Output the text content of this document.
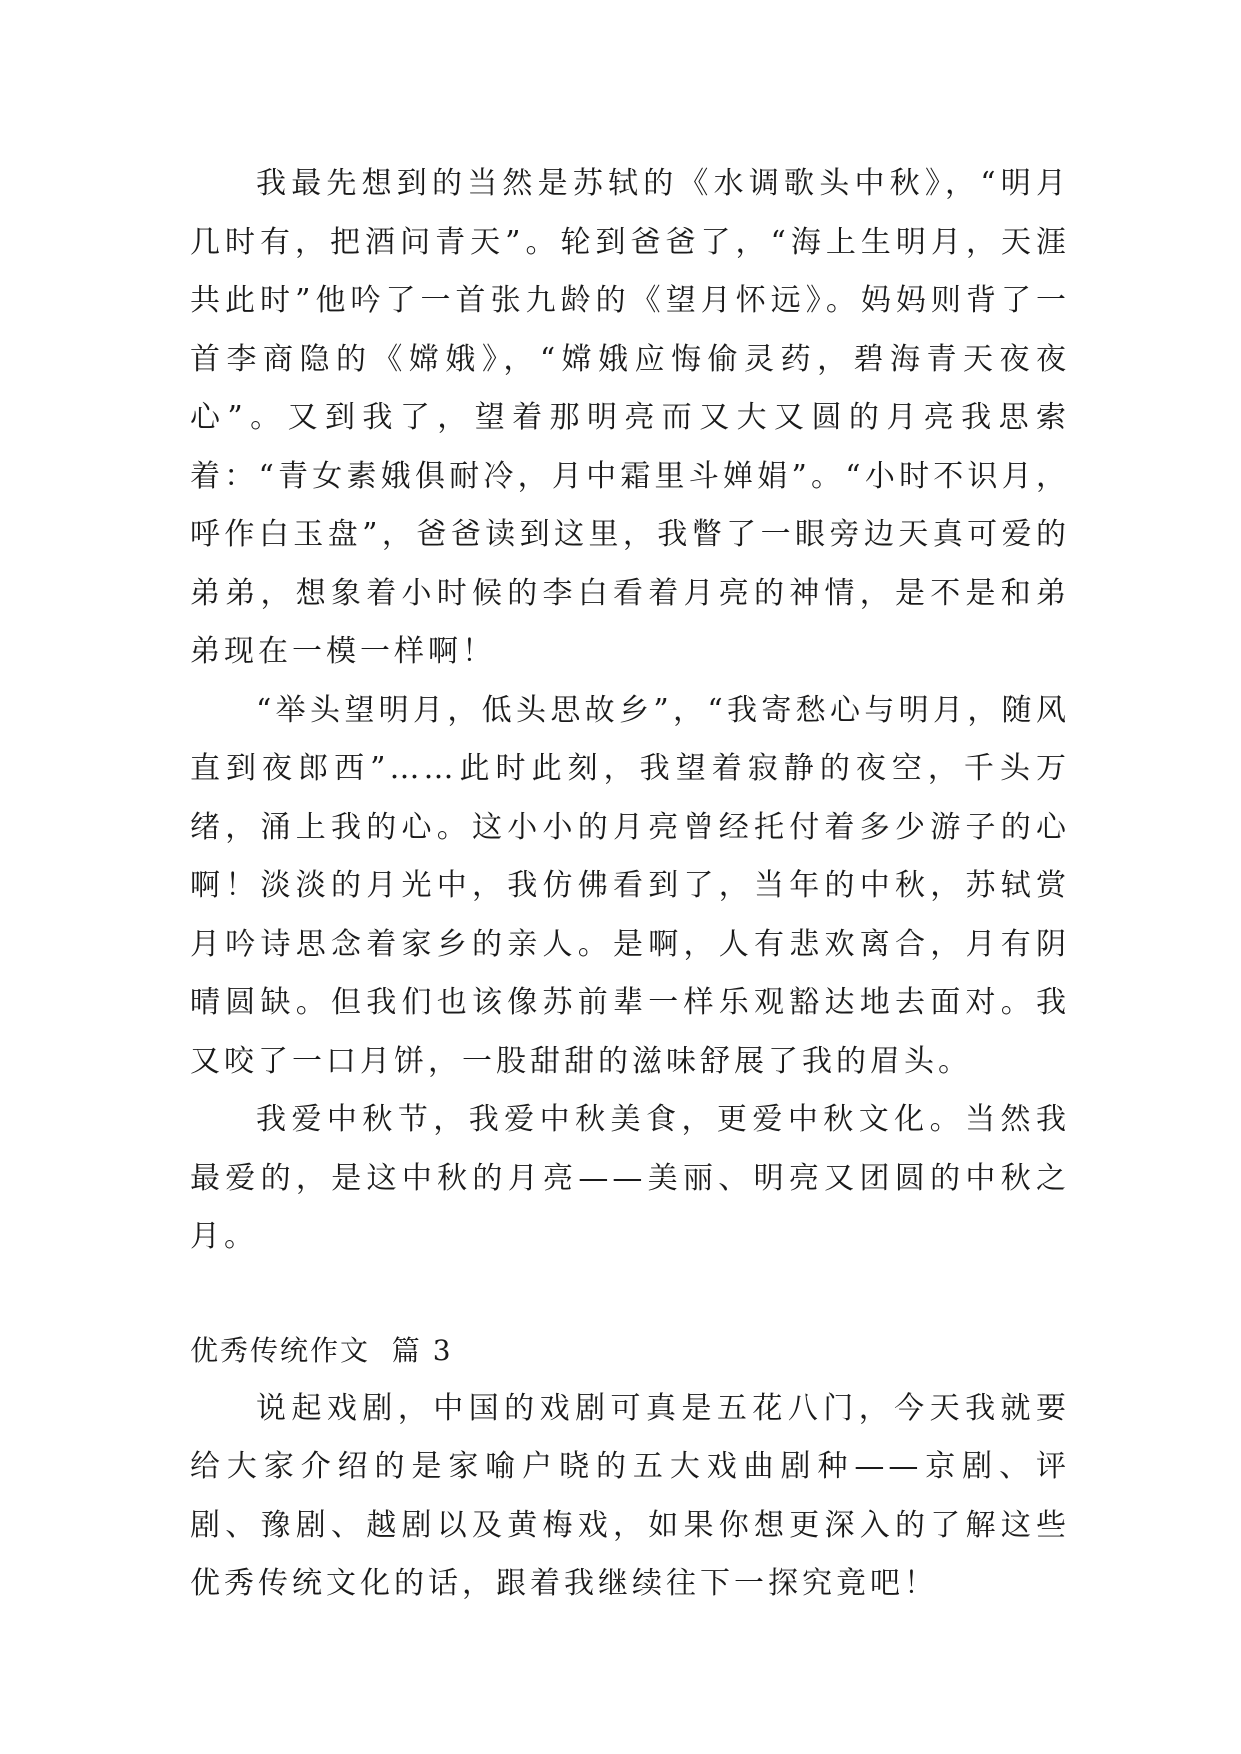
我最先想到的当然是苏轼的《水调歌头中秋》，“明月几时有，把酒问青天”。轮到爸爸了，“海上生明月，天涯共此时”他吟了一首张九龄的《望月怀远》。妈妈则背了一首李商隐的《嫦娥》，“嫦娥应悔偷灵药，碧海青天夜夜心”。又到我了，望着那明亮而又大又圆的月亮我思索着：“青女素娥俱耐冷，月中霜里斗婵娟”。“小时不识月，呼作白玉盘”，爸爸读到这里，我瞥了一眼旁边天真可爱的弟弟，想象着小时候的李白看着月亮的神情，是不是和弟弟现在一模一样啊！

“举头望明月，低头思故乡”，“我寄愁心与明月，随风直到夜郎西”……此时此刻，我望着寂静的夜空，千头万绪，涌上我的心。这小小的月亮曾经托付着多少游子的心啊！淡淡的月光中，我仿佛看到了，当年的中秋，苏轼赏月吟诗思念着家乡的亲人。是啊，人有悲欢离合，月有阴晴圆缺。但我们也该像苏前辈一样乐观豁达地去面对。我又咬了一口月饼，一股甜甜的滋味舒展了我的眉头。

我爱中秋节，我爱中秋美食，更爱中秋文化。当然我最爱的，是这中秋的月亮——美丽、明亮又团圆的中秋之月。

优秀传统作文  篇 3

说起戏剧，中国的戏剧可真是五花八门，今天我就要给大家介绍的是家喻户晓的五大戏曲剧种——京剧、评剧、豫剧、越剧以及黄梅戏，如果你想更深入的了解这些优秀传统文化的话，跟着我继续往下一探究竟吧！
